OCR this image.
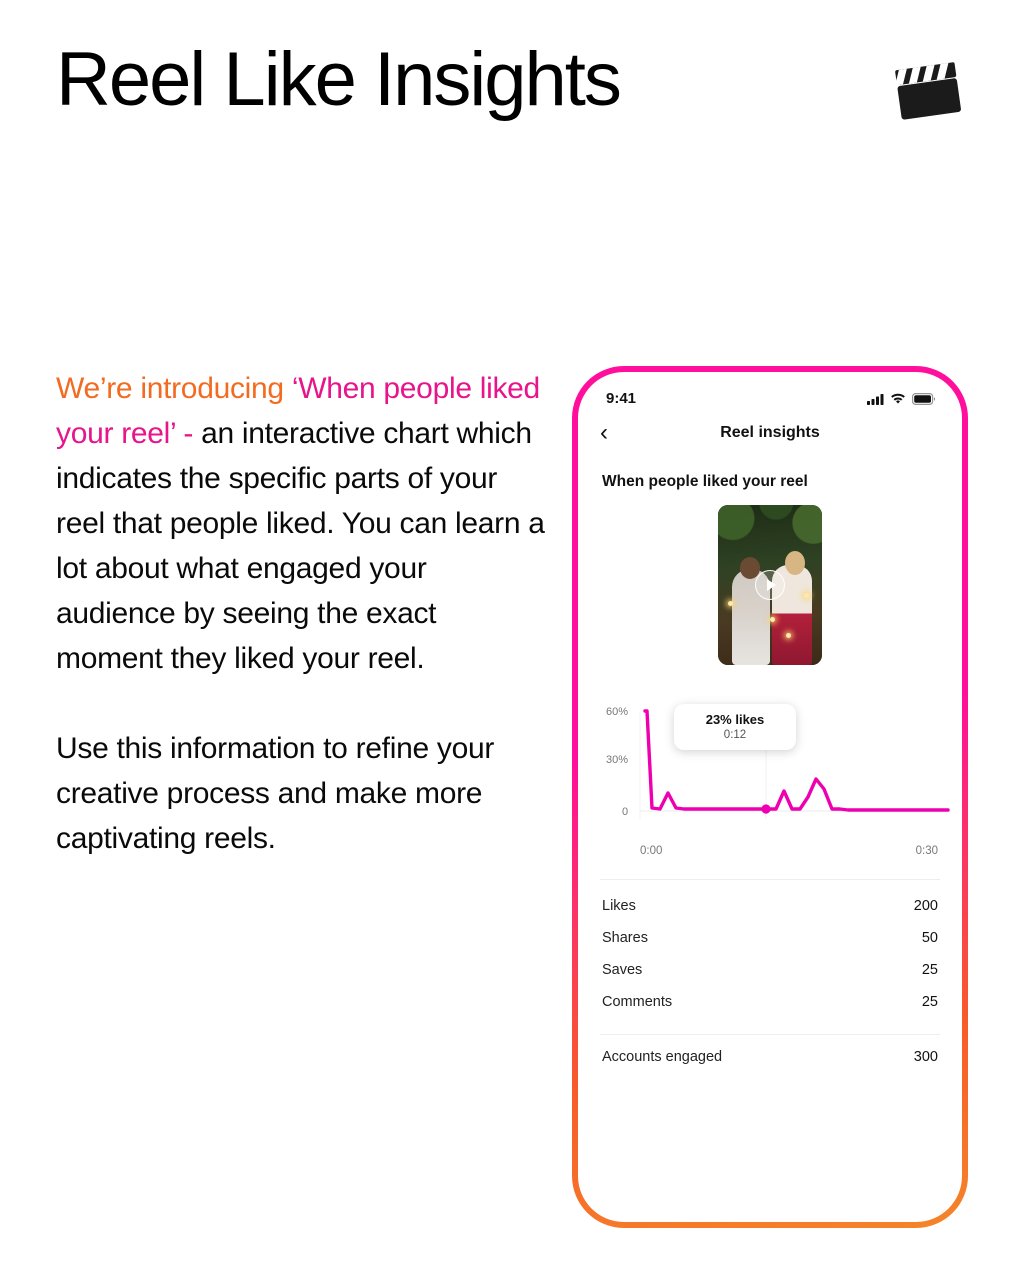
Reel Like Insights

We’re introducing ‘When people liked your reel’ - an interactive chart which indicates the specific parts of your reel that people liked. You can learn a lot about what engaged your audience by seeing the exact moment they liked your reel.

Use this information to refine your creative process and make more captivating reels.

9:41
‹	Reel insights
When people liked your reel
23% likes
0:12
60%
30%
0
0:00	0:30
Likes	200
Shares	50
Saves	25
Comments	25
Accounts engaged	300
